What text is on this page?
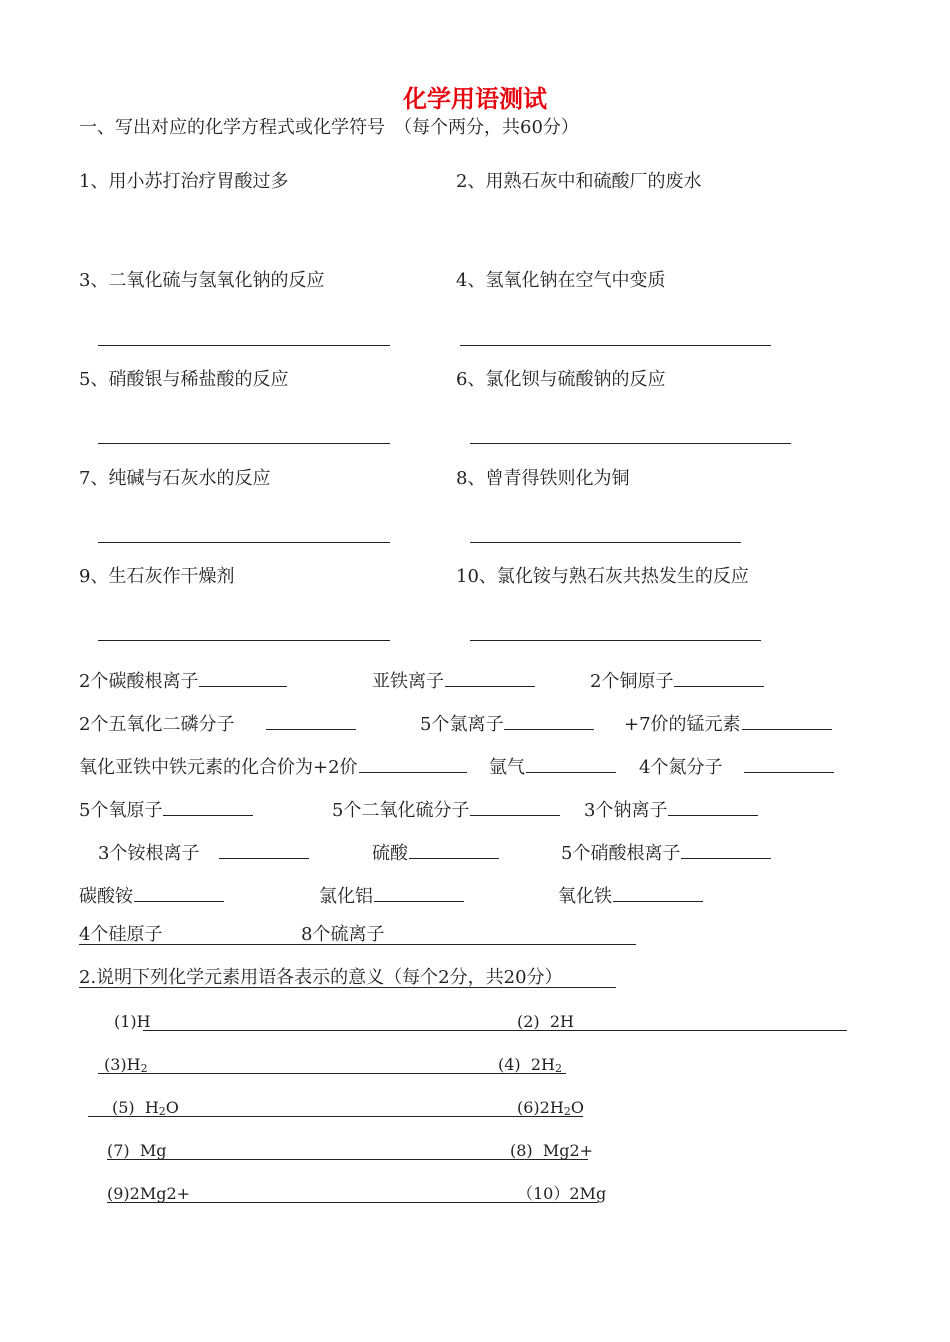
化学用语测试
一、写出对应的化学方程式或化学符号　（每个两分，共60分）
1、用小苏打治疗胃酸过多	2、用熟石灰中和硫酸厂的废水
3、二氧化硫与氢氧化钠的反应	4、氢氧化钠在空气中变质
5、硝酸银与稀盐酸的反应	6、氯化钡与硫酸钠的反应
7、纯碱与石灰水的反应	8、曾青得铁则化为铜
9、生石灰作干燥剂	10、氯化铵与熟石灰共热发生的反应
2个碳酸根离子	亚铁离子	2个铜原子
2个五氧化二磷分子	5个氯离子	+7价的锰元素
氧化亚铁中铁元素的化合价为+2价	氩气	4个氮分子
5个氧原子	5个二氧化硫分子	3个钠离子
3个铵根离子	硫酸	5个硝酸根离子
碳酸铵	氯化铝	氧化铁
4个硅原子	8个硫离子
2.说明下列化学元素用语各表示的意义（每个2分，共20分）
(1)H	(2) 2H
$(3)H_2$	(4) $2H_2$
(5) $H_2O$	$(6)2H_2O$
(7) Mg	(8) Mg2+
(9)2Mg2+	（10）2Mg
